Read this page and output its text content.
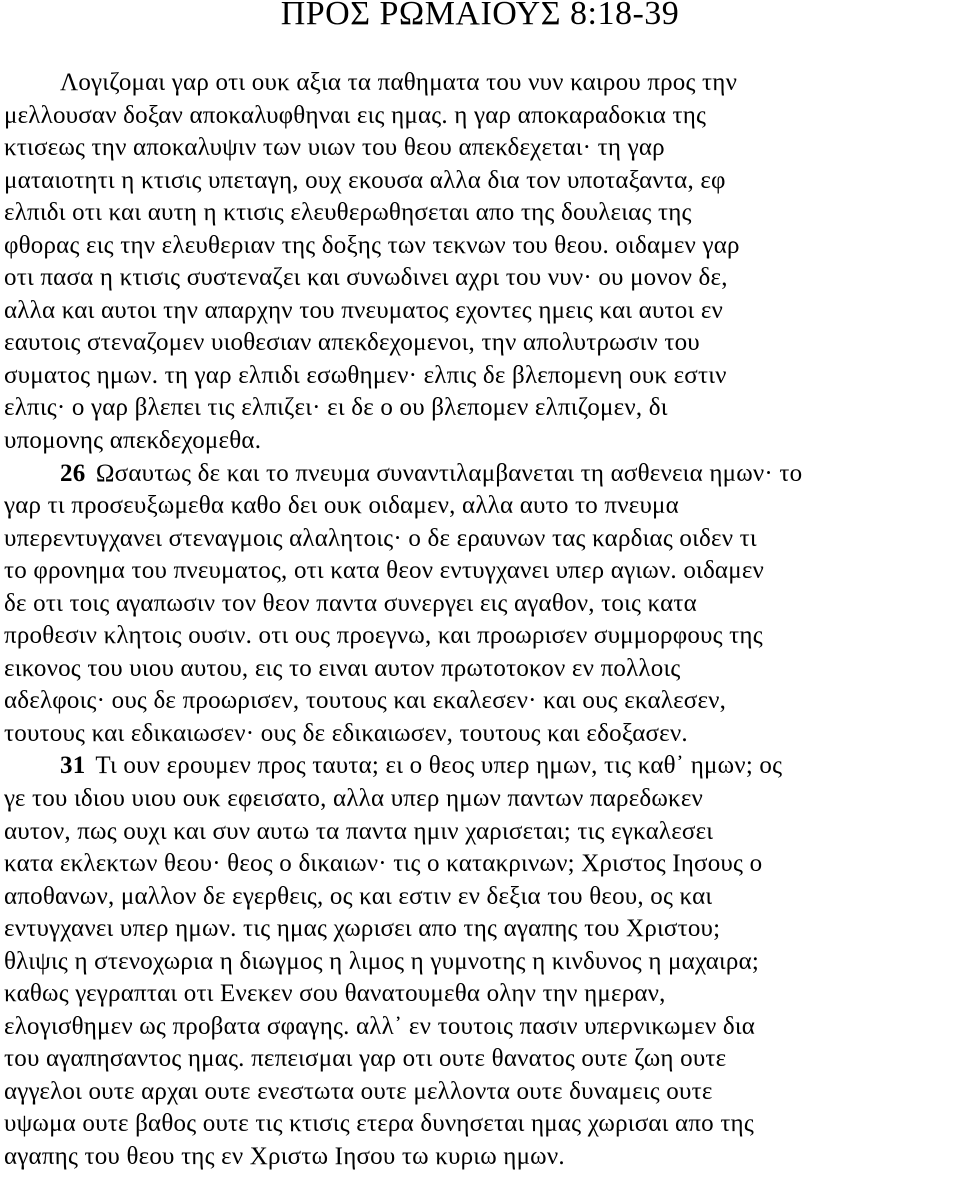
ΠΡΟΣ ΡΩΜΑΙΟΥΣ 8:18-39
Λογιζομαι γαρ οτι ουκ αξια τα παθηματα του νυν καιρου προς την
μελλουσαν δοξαν αποκαλυφθηναι εις ημας. η γαρ αποκαραδοκια της
κτισεως την αποκαλυψιν των υιων του θεου απεκδεχεται· τη γαρ
ματαιοτητι η κτισις υπεταγη, ουχ εκουσα αλλα δια τον υποταξαντα, εφ
ελπιδι οτι και αυτη η κτισις ελευθερωθησεται απο της δουλειας της
φθορας εις την ελευθεριαν της δοξης των τεκνων του θεου. οιδαμεν γαρ
οτι πασα η κτισις συστεναζει και συνωδινει αχρι του νυν· ου μονον δε,
αλλα και αυτοι την απαρχην του πνευματος εχοντες ημεις και αυτοι εν
εαυτοις στεναζομεν υιοθεσιαν απεκδεχομενοι, την απολυτρωσιν του
συματος ημων. τη γαρ ελπιδι εσωθημεν· ελπις δε βλεπομενη ουκ εστιν
ελπις· ο γαρ βλεπει τις ελπιζει· ει δε ο ου βλεπομεν ελπιζομεν, δι
υπομονης απεκδεχομεθα.
26 Ωσαυτως δε και το πνευμα συναντιλαμβανεται τη ασθενεια ημων· το
γαρ τι προσευξωμεθα καθο δει ουκ οιδαμεν, αλλα αυτο το πνευμα
υπερεντυγχανει στεναγμοις αλαλητοις· ο δε εραυνων τας καρδιας οιδεν τι
το φρονημα του πνευματος, οτι κατα θεον εντυγχανει υπερ αγιων. οιδαμεν
δε οτι τοις αγαπωσιν τον θεον παντα συνεργει εις αγαθον, τοις κατα
προθεσιν κλητοις ουσιν. οτι ους προεγνω, και προωρισεν συμμορφους της
εικονος του υιου αυτου, εις το ειναι αυτον πρωτοτοκον εν πολλοις
αδελφοις· ους δε προωρισεν, τουτους και εκαλεσεν· και ους εκαλεσεν,
τουτους και εδικαιωσεν· ους δε εδικαιωσεν, τουτους και εδοξασεν.
31 Τι ουν ερουμεν προς ταυτα; ει ο θεος υπερ ημων, τις καθ᾽ ημων; ος
γε του ιδιου υιου ουκ εφεισατο, αλλα υπερ ημων παντων παρεδωκεν
αυτον, πως ουχι και συν αυτω τα παντα ημιν χαρισεται; τις εγκαλεσει
κατα εκλεκτων θεου· θεος ο δικαιων· τις ο κατακρινων; Χριστος Ιησους ο
αποθανων, μαλλον δε εγερθεις, ος και εστιν εν δεξια του θεου, ος και
εντυγχανει υπερ ημων. τις ημας χωρισει απο της αγαπης του Χριστου;
θλιψις η στενοχωρια η διωγμος η λιμος η γυμνοτης η κινδυνος η μαχαιρα;
καθως γεγραπται οτι Ενεκεν σου θανατουμεθα ολην την ημεραν,
ελογισθημεν ως προβατα σφαγης. αλλ᾽ εν τουτοις πασιν υπερνικωμεν δια
του αγαπησαντος ημας. πεπεισμαι γαρ οτι ουτε θανατος ουτε ζωη ουτε
αγγελοι ουτε αρχαι ουτε ενεστωτα ουτε μελλοντα ουτε δυναμεις ουτε
υψωμα ουτε βαθος ουτε τις κτισις ετερα δυνησεται ημας χωρισαι απο της
αγαπης του θεου της εν Χριστω Ιησου τω κυριω ημων.
